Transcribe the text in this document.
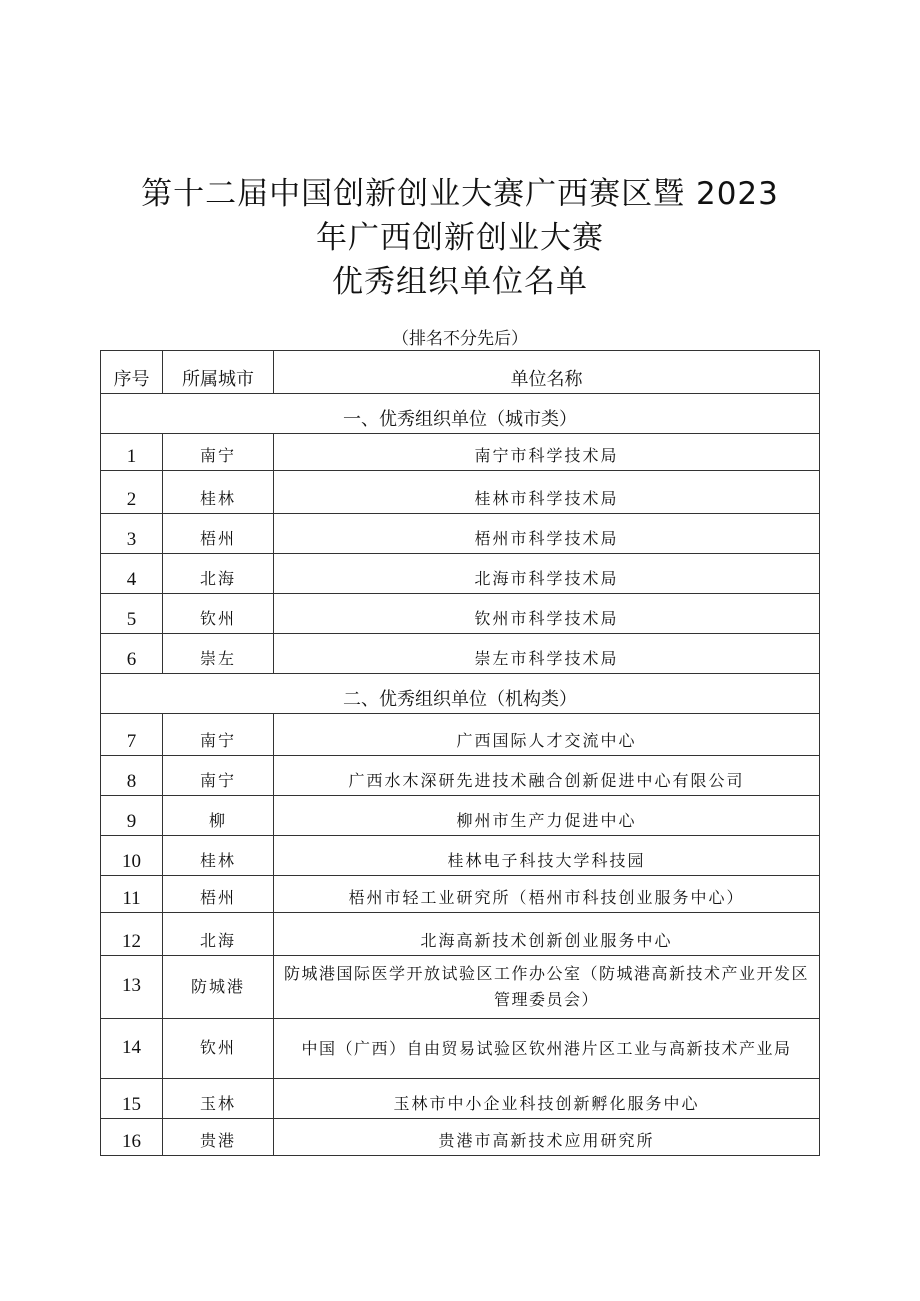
第十二届中国创新创业大赛广西赛区暨 2023
年广西创新创业大赛
优秀组织单位名单
（排名不分先后）
序号	所属城市	单位名称
一、优秀组织单位（城市类）		
1	南宁	南宁市科学技术局
2	桂林	桂林市科学技术局
3	梧州	梧州市科学技术局
4	北海	北海市科学技术局
5	钦州	钦州市科学技术局
6	崇左	崇左市科学技术局
二、优秀组织单位（机构类）		
7	南宁	广西国际人才交流中心
8	南宁	广西水木深研先进技术融合创新促进中心有限公司
9	柳	柳州市生产力促进中心
10	桂林	桂林电子科技大学科技园
11	梧州	梧州市轻工业研究所（梧州市科技创业服务中心）
12	北海	北海高新技术创新创业服务中心
13	防城港	防城港国际医学开放试验区工作办公室（防城港高新技术产业开发区管理委员会）
14	钦州	中国（广西）自由贸易试验区钦州港片区工业与高新技术产业局
15	玉林	玉林市中小企业科技创新孵化服务中心
16	贵港	贵港市高新技术应用研究所
